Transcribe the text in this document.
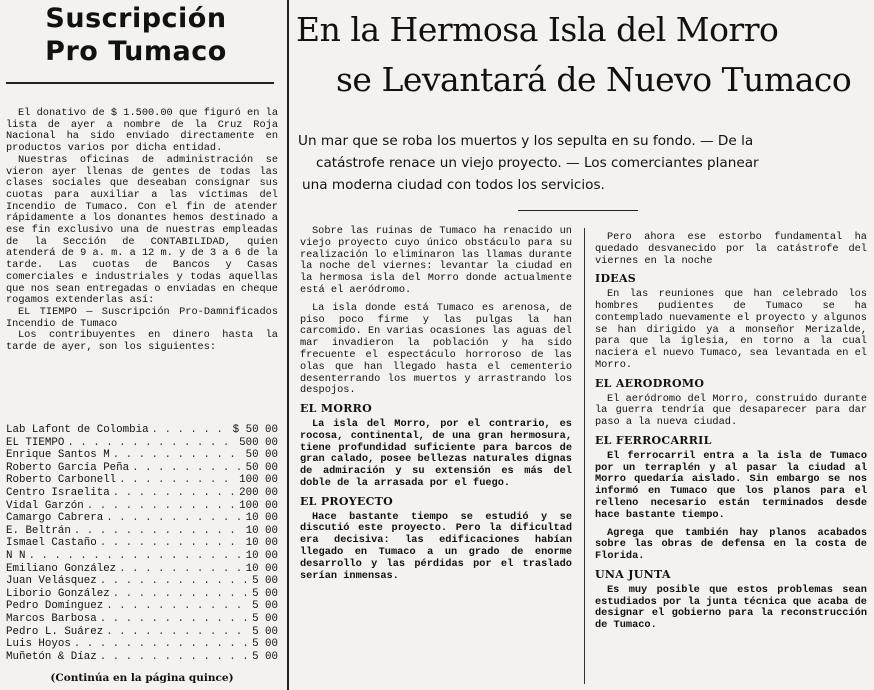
Suscripción
Pro Tumaco

El donativo de $ 1.500.00 que figuró en la lista de ayer a nombre de la Cruz Roja Nacional ha sido enviado directamente en productos varios por dicha entidad.

Nuestras oficinas de administración se vieron ayer llenas de gentes de todas las clases sociales que deseaban consignar sus cuotas para auxiliar a las víctimas del Incendio de Tumaco. Con el fin de atender rápidamente a los donantes hemos destinado a ese fin exclusivo una de nuestras empleadas de la Sección de CONTABILIDAD, quien atenderá de 9 a. m. a 12 m. y de 3 a 6 de la tarde. Las cuotas de Bancos y Casas comerciales e industriales y todas aquellas que nos sean entregadas o enviadas en cheque rogamos extenderlas así:

EL TIEMPO — Suscripción Pro-Damnificados Incendio de Tumaco

Los contribuyentes en dinero hasta la tarde de ayer, son los siguientes:

Lab Lafont de Colombia . . .	$ 50 00
EL TIEMPO . . .	500 00
Enrique Santos M . . .	50 00
Roberto García Peña . . .	50 00
Roberto Carbonell . . .	100 00
Centro Israelita . . .	200 00
Vidal Garzón . . .	100 00
Camargo Cabrera . . .	10 00
E. Beltrán . . .	10 00
Ismael Castaño . . .	10 00
N N . . .	10 00
Emiliano González . . .	10 00
Juan Velásquez . . .	5 00
Liborio González . . .	5 00
Pedro Domínguez . . .	5 00
Marcos Barbosa . . .	5 00
Pedro L. Suárez . . .	5 00
Luis Hoyos . . .	5 00
Muñetón & Díaz . . .	5 00
(Continúa en la página quince)
En la Hermosa Isla del Morro
se Levantará de Nuevo Tumaco
Un mar que se roba los muertos y los sepulta en su fondo. — De la
catástrofe renace un viejo proyecto. — Los comerciantes planear
una moderna ciudad con todos los servicios.

Sobre las ruinas de Tumaco ha renacido un viejo proyecto cuyo único obstáculo para su realización lo eliminaron las llamas durante la noche del viernes: levantar la ciudad en la hermosa isla del Morro donde actualmente está el aeródromo.

La isla donde está Tumaco es arenosa, de piso poco firme y las pulgas la han carcomido. En varias ocasiones las aguas del mar invadieron la población y ha sido frecuente el espectáculo horroroso de las olas que han llegado hasta el cementerio desenterrando los muertos y arrastrando los despojos.

EL MORRO

La isla del Morro, por el contrario, es rocosa, continental, de una gran hermosura, tiene profundidad suficiente para barcos de gran calado, posee bellezas naturales dignas de admiración y su extensión es más del doble de la arrasada por el fuego.

EL PROYECTO

Hace bastante tiempo se estudió y se discutió este proyecto. Pero la dificultad era decisiva: las edificaciones habían llegado en Tumaco a un grado de enorme desarrollo y las pérdidas por el traslado serían inmensas.

Pero ahora ese estorbo fundamental ha quedado desvanecido por la catástrofe del viernes en la noche

IDEAS

En las reuniones que han celebrado los hombres pudientes de Tumaco se ha contemplado nuevamente el proyecto y algunos se han dirigido ya a monseñor Merizalde, para que la iglesia, en torno a la cual naciera el nuevo Tumaco, sea levantada en el Morro.

EL AERODROMO

El aeródromo del Morro, construido durante la guerra tendría que desaparecer para dar paso a la nueva ciudad.

EL FERROCARRIL

El ferrocarril entra a la isla de Tumaco por un terraplén y al pasar la ciudad al Morro quedaría aislado. Sin embargo se nos informó en Tumaco que los planos para el relleno necesario están terminados desde hace bastante tiempo.

Agrega que también hay planos acabados sobre las obras de defensa en la costa de Florida.

UNA JUNTA

Es muy posible que estos problemas sean estudiados por la junta técnica que acaba de designar el gobierno para la reconstrucción de Tumaco.
